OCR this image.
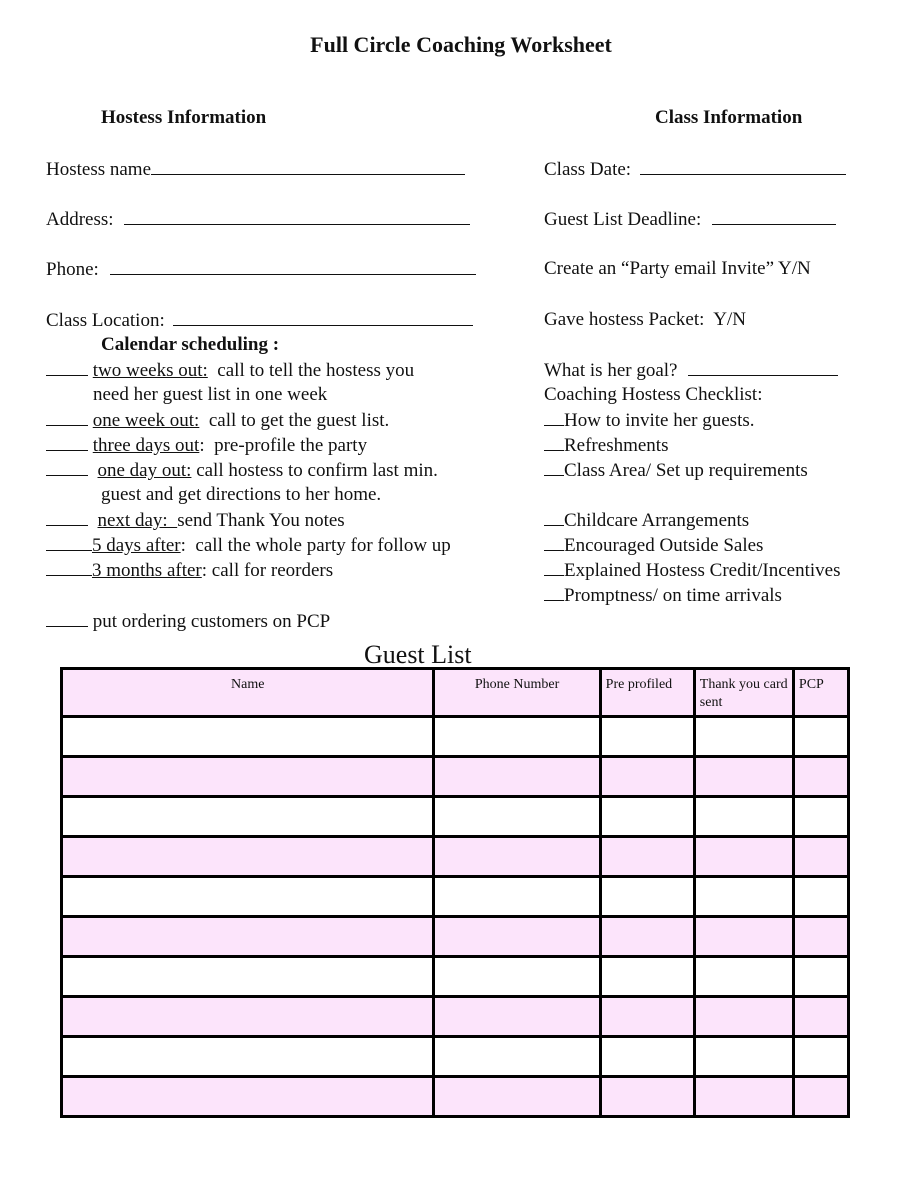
Full Circle Coaching Worksheet
Hostess Information
Hostess name
Address:
Phone:
Class Location:
Calendar scheduling :
two weeks out:  call to tell the hostess you
need her guest list in one week
one week out:  call to get the guest list.
three days out:  pre-profile the party
one day out: call hostess to confirm last min.
guest and get directions to her home.
next day:  send Thank You notes
5 days after:  call the whole party for follow up
3 months after: call for reorders
put ordering customers on PCP
Class Information
Class Date:
Guest List Deadline:
Create an “Party email Invite” Y/N
Gave hostess Packet:  Y/N
What is her goal?
Coaching Hostess Checklist:
How to invite her guests.
Refreshments
Class Area/ Set up requirements
Childcare Arrangements
Encouraged Outside Sales
Explained Hostess Credit/Incentives
Promptness/ on time arrivals
Guest List
Name	Phone Number	Pre profiled	Thank you card sent	PCP
